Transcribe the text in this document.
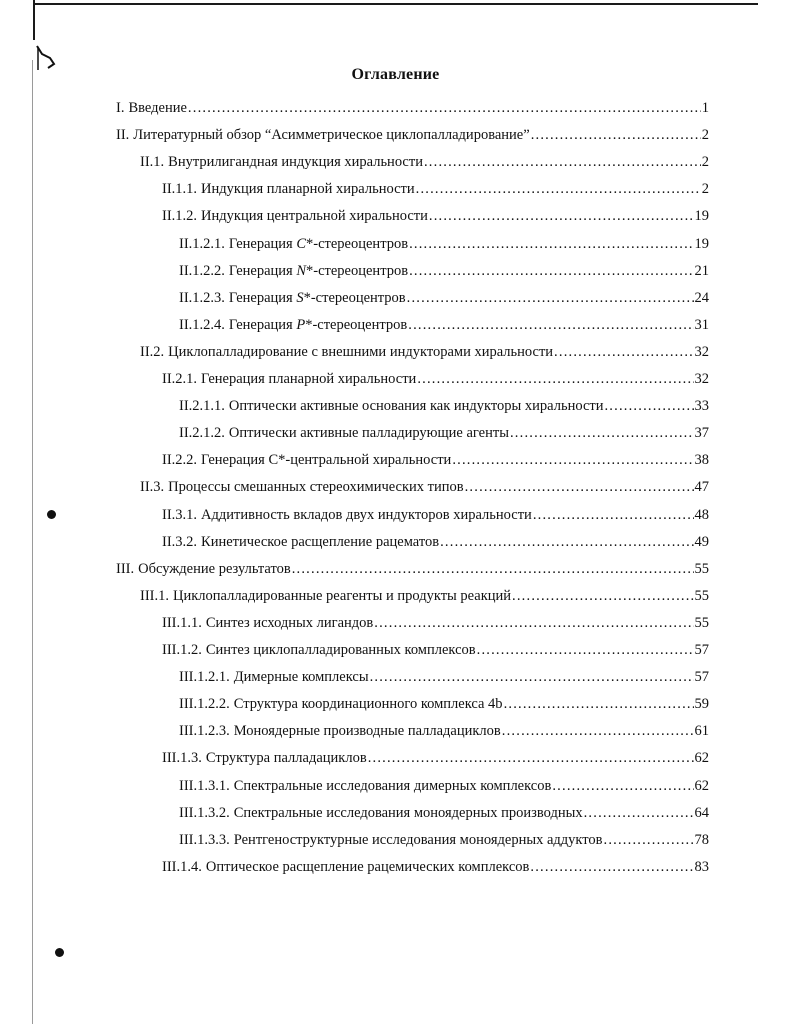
Оглавление
I. Введение .....	1
II. Литературный обзор “Асимметрическое циклопалладирование” .....	2
II.1. Внутрилигандная индукция хиральности .....	2
II.1.1. Индукция планарной хиральности .....	2
II.1.2. Индукция центральной хиральности .....	19
II.1.2.1. Генерация C*-стереоцентров .....	19
II.1.2.2. Генерация N*-стереоцентров .....	21
II.1.2.3. Генерация S*-стереоцентров .....	24
II.1.2.4. Генерация P*-стереоцентров .....	31
II.2. Циклопалладирование с внешними индукторами хиральности .....	32
II.2.1. Генерация планарной хиральности .....	32
II.2.1.1. Оптически активные основания как индукторы хиральности .....	33
II.2.1.2. Оптически активные палладирующие агенты .....	37
II.2.2. Генерация С*-центральной хиральности .....	38
II.3. Процессы смешанных стереохимических типов .....	47
II.3.1. Аддитивность вкладов двух индукторов хиральности .....	48
II.3.2. Кинетическое расщепление рацематов .....	49
III. Обсуждение результатов .....	55
III.1. Циклопалладированные реагенты и продукты реакций .....	55
III.1.1. Синтез исходных лигандов .....	55
III.1.2. Синтез циклопалладированных комплексов .....	57
III.1.2.1. Димерные комплексы .....	57
III.1.2.2. Структура координационного комплекса 4b .....	59
III.1.2.3. Моноядерные производные палладациклов .....	61
III.1.3. Структура палладациклов .....	62
III.1.3.1. Спектральные исследования димерных комплексов .....	62
III.1.3.2. Спектральные исследования моноядерных производных .....	64
III.1.3.3. Рентгеноструктурные исследования моноядерных аддуктов .....	78
III.1.4. Оптическое расщепление рацемических комплексов .....	83
